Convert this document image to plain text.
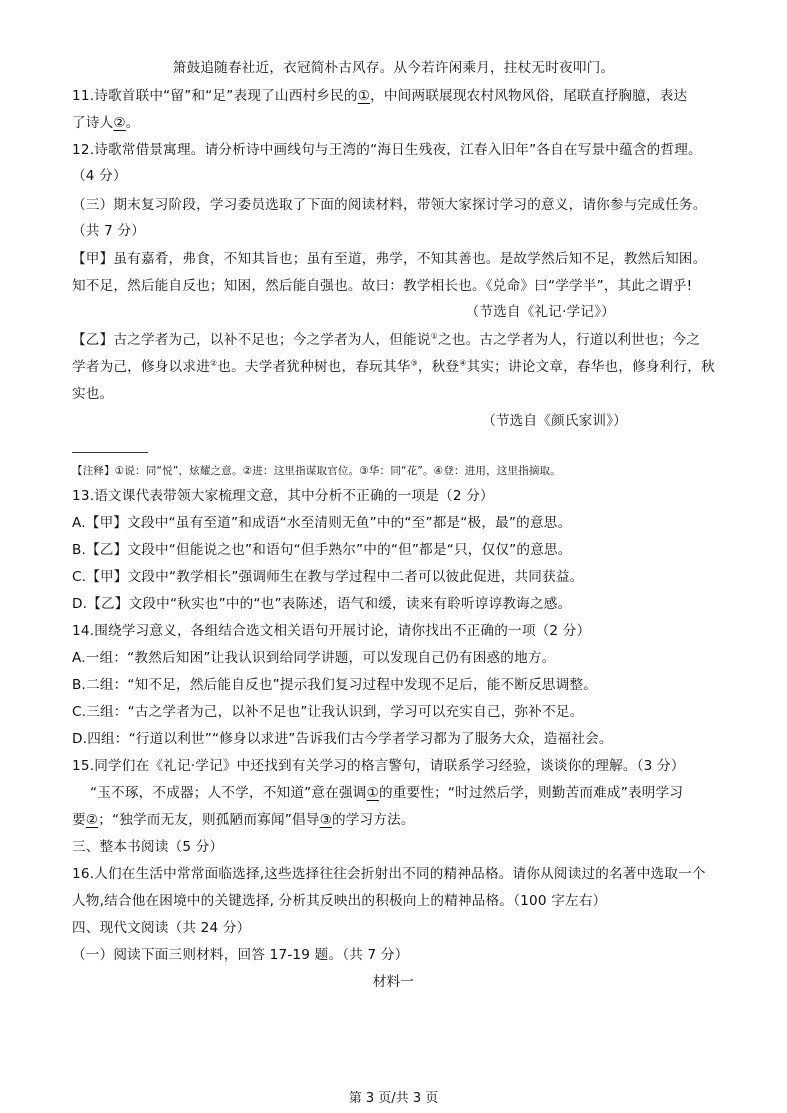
箫鼓追随春社近，衣冠简朴古风存。从今若许闲乘月，拄杖无时夜叩门。
11.诗歌首联中“留”和“足”表现了山西村乡民的①，中间两联展现农村风物风俗，尾联直抒胸臆，表达
了诗人②。
12.诗歌常借景寓理。请分析诗中画线句与王湾的“海日生残夜，江春入旧年”各自在写景中蕴含的哲理。
（4 分）
（三）期末复习阶段，学习委员选取了下面的阅读材料，带领大家探讨学习的意义，请你参与完成任务。
（共 7 分）
【甲】虽有嘉肴，弗食，不知其旨也；虽有至道，弗学，不知其善也。是故学然后知不足，教然后知困。
知不足，然后能自反也；知困，然后能自强也。故曰：教学相长也。《兑命》曰“学学半”，其此之谓乎!
（节选自《礼记·学记》）
【乙】古之学者为己，以补不足也；今之学者为人，但能说①之也。古之学者为人，行道以利世也；今之
学者为己，修身以求进②也。夫学者犹种树也，春玩其华③，秋登④其实；讲论文章，春华也，修身利行，秋
实也。
（节选自《颜氏家训》）
【注释】①说：同“悦”，炫耀之意。②进：这里指谋取官位。③华：同“花”。④登：进用，这里指摘取。
13.语文课代表带领大家梳理文意，其中分析不正确的一项是（2 分）
A.【甲】文段中“虽有至道”和成语“水至清则无鱼”中的“至”都是“极，最”的意思。
B.【乙】文段中“但能说之也”和语句“但手熟尔”中的“但”都是“只，仅仅”的意思。
C.【甲】文段中“教学相长”强调师生在教与学过程中二者可以彼此促进，共同获益。
D.【乙】文段中“秋实也”中的“也”表陈述，语气和缓，读来有聆听谆谆教诲之感。
14.围绕学习意义，各组结合选文相关语句开展讨论，请你找出不正确的一项（2 分）
A.一组：“教然后知困”让我认识到给同学讲题，可以发现自己仍有困惑的地方。
B.二组：“知不足，然后能自反也”提示我们复习过程中发现不足后，能不断反思调整。
C.三组：“古之学者为己，以补不足也”让我认识到，学习可以充实自己，弥补不足。
D.四组：“行道以利世”“修身以求进”告诉我们古今学者学习都为了服务大众，造福社会。
15.同学们在《礼记·学记》中还找到有关学习的格言警句，请联系学习经验，谈谈你的理解。（3 分）
“玉不琢，不成器；人不学，不知道”意在强调①的重要性；“时过然后学，则勤苦而难成”表明学习
要②；“独学而无友，则孤陋而寡闻”倡导③的学习方法。
三、整本书阅读（5 分）
16.人们在生活中常常面临选择,这些选择往往会折射出不同的精神品格。请你从阅读过的名著中选取一个
人物,结合他在困境中的关键选择, 分析其反映出的积极向上的精神品格。（100 字左右）
四、现代文阅读（共 24 分）
（一）阅读下面三则材料，回答 17-19 题。（共 7 分）
材料一
第 3 页/共 3 页
